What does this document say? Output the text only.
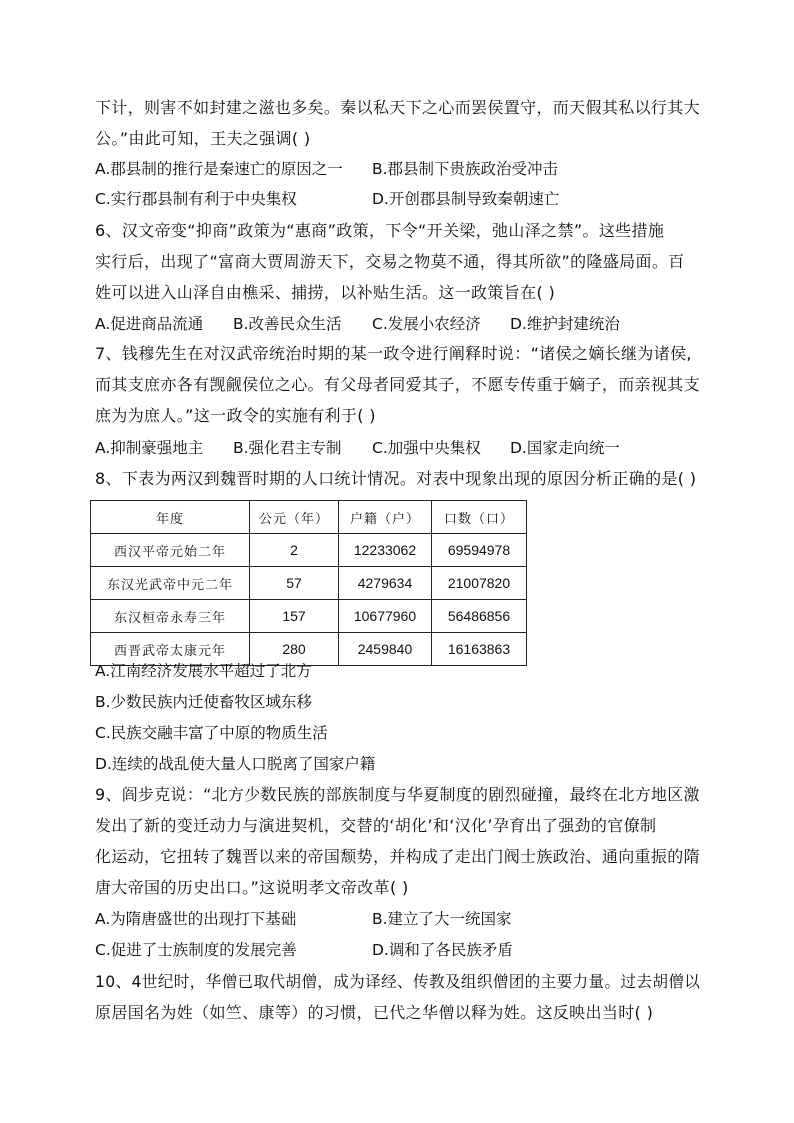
下计，则害不如封建之滋也多矣。秦以私天下之心而罢侯置守，而天假其私以行其大
公。”由此可知，王夫之强调( )
A.郡县制的推行是秦速亡的原因之一 B.郡县制下贵族政治受冲击
C.实行郡县制有利于中央集权	D.开创郡县制导致秦朝速亡
6、汉文帝变“抑商”政策为“惠商”政策，下令“开关梁，弛山泽之禁”。这些措施
实行后，出现了“富商大贾周游天下，交易之物莫不通，得其所欲”的隆盛局面。百
姓可以进入山泽自由樵采、捕捞，以补贴生活。这一政策旨在( )
A.促进商品流通 B.改善民众生活 C.发展小农经济 D.维护封建统治
7、钱穆先生在对汉武帝统治时期的某一政令进行阐释时说：“诸侯之嫡长继为诸侯,
而其支庶亦各有觊觎侯位之心。有父母者同爱其子，不愿专传重于嫡子，而亲视其支
庶为为庶人。”这一政令的实施有利于( )
A.抑制豪强地主 B.强化君主专制 C.加强中央集权 D.国家走向统一
8、下表为两汉到魏晋时期的人口统计情况。对表中现象出现的原因分析正确的是( )
年度	公元（年）	户籍（户）	口数（口）
西汉平帝元始二年	2	12233062	69594978
东汉光武帝中元二年	57	4279634	21007820
东汉桓帝永寿三年	157	10677960	56486856
西晋武帝太康元年	280	2459840	16163863
A.江南经济发展水平超过了北方
B.少数民族内迁使畜牧区域东移
C.民族交融丰富了中原的物质生活
D.连续的战乱使大量人口脱离了国家户籍
9、阎步克说：“北方少数民族的部族制度与华夏制度的剧烈碰撞，最终在北方地区激
发出了新的变迁动力与演进契机，交替的‘胡化’和‘汉化’孕育出了强劲的官僚制
化运动，它扭转了魏晋以来的帝国颓势，并构成了走出门阀士族政治、通向重振的隋
唐大帝国的历史出口。”这说明孝文帝改革( )
A.为隋唐盛世的出现打下基础	B.建立了大一统国家
C.促进了士族制度的发展完善	D.调和了各民族矛盾
10、4世纪时，华僧已取代胡僧，成为译经、传教及组织僧团的主要力量。过去胡僧以
原居国名为姓（如竺、康等）的习惯，已代之华僧以释为姓。这反映出当时( )
